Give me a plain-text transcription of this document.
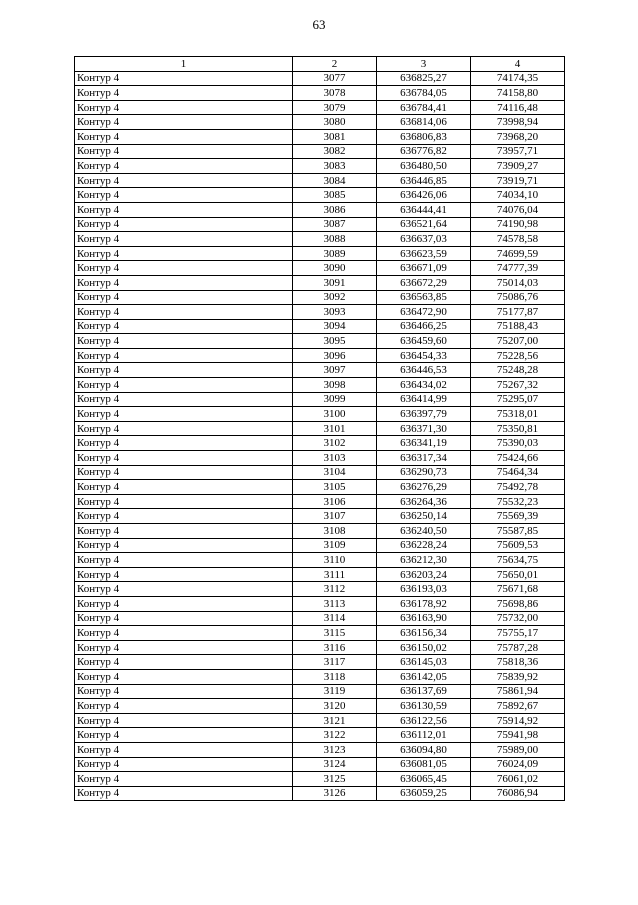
63
1	2	3	4
Контур 4	3077	636825,27	74174,35
Контур 4	3078	636784,05	74158,80
Контур 4	3079	636784,41	74116,48
Контур 4	3080	636814,06	73998,94
Контур 4	3081	636806,83	73968,20
Контур 4	3082	636776,82	73957,71
Контур 4	3083	636480,50	73909,27
Контур 4	3084	636446,85	73919,71
Контур 4	3085	636426,06	74034,10
Контур 4	3086	636444,41	74076,04
Контур 4	3087	636521,64	74190,98
Контур 4	3088	636637,03	74578,58
Контур 4	3089	636623,59	74699,59
Контур 4	3090	636671,09	74777,39
Контур 4	3091	636672,29	75014,03
Контур 4	3092	636563,85	75086,76
Контур 4	3093	636472,90	75177,87
Контур 4	3094	636466,25	75188,43
Контур 4	3095	636459,60	75207,00
Контур 4	3096	636454,33	75228,56
Контур 4	3097	636446,53	75248,28
Контур 4	3098	636434,02	75267,32
Контур 4	3099	636414,99	75295,07
Контур 4	3100	636397,79	75318,01
Контур 4	3101	636371,30	75350,81
Контур 4	3102	636341,19	75390,03
Контур 4	3103	636317,34	75424,66
Контур 4	3104	636290,73	75464,34
Контур 4	3105	636276,29	75492,78
Контур 4	3106	636264,36	75532,23
Контур 4	3107	636250,14	75569,39
Контур 4	3108	636240,50	75587,85
Контур 4	3109	636228,24	75609,53
Контур 4	3110	636212,30	75634,75
Контур 4	3111	636203,24	75650,01
Контур 4	3112	636193,03	75671,68
Контур 4	3113	636178,92	75698,86
Контур 4	3114	636163,90	75732,00
Контур 4	3115	636156,34	75755,17
Контур 4	3116	636150,02	75787,28
Контур 4	3117	636145,03	75818,36
Контур 4	3118	636142,05	75839,92
Контур 4	3119	636137,69	75861,94
Контур 4	3120	636130,59	75892,67
Контур 4	3121	636122,56	75914,92
Контур 4	3122	636112,01	75941,98
Контур 4	3123	636094,80	75989,00
Контур 4	3124	636081,05	76024,09
Контур 4	3125	636065,45	76061,02
Контур 4	3126	636059,25	76086,94
